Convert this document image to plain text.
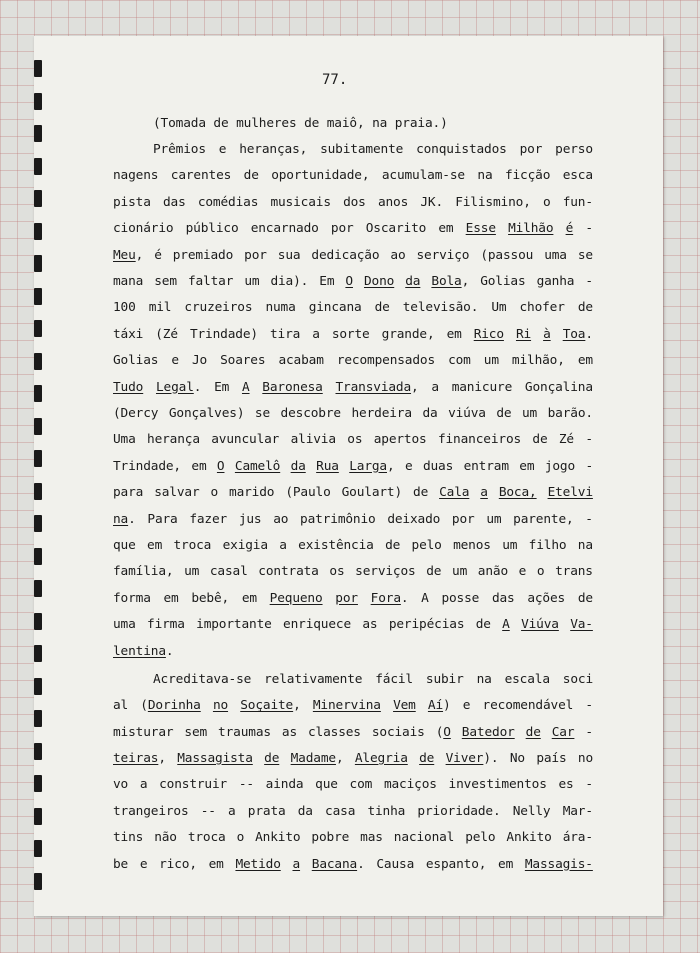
77.
(Tomada de mulheres de maiô, na praia.)
Prêmios e heranças, subitamente conquistados por perso
nagens carentes de oportunidade, acumulam-se na ficção esca
pista das comédias musicais dos anos JK. Filismino, o fun-
cionário público encarnado por Oscarito em Esse Milhão é -
Meu, é premiado por sua dedicação ao serviço (passou uma se
mana sem faltar um dia). Em O Dono da Bola, Golias ganha -
100 mil cruzeiros numa gincana de televisão. Um chofer de
táxi (Zé Trindade) tira a sorte grande, em Rico Ri à Toa.
Golias e Jo Soares acabam recompensados com um milhão, em
Tudo Legal. Em A Baronesa Transviada, a manicure Gonçalina
(Dercy Gonçalves) se descobre herdeira da viúva de um barão.
Uma herança avuncular alivia os apertos financeiros de Zé -
Trindade, em O Camelô da Rua Larga, e duas entram em jogo -
para salvar o marido (Paulo Goulart) de Cala a Boca, Etelvi
na. Para fazer jus ao patrimônio deixado por um parente, -
que em troca exigia a existência de pelo menos um filho na
família, um casal contrata os serviços de um anão e o trans
forma em bebê, em Pequeno por Fora. A posse das ações de
uma firma importante enriquece as peripécias de A Viúva Va-
lentina .
Acreditava-se relativamente fácil subir na escala soci
al (Dorinha no Soçaite, Minervina Vem Aí) e recomendável -
misturar sem traumas as classes sociais (O Batedor de Car -
teiras, Massagista de Madame, Alegria de Viver). No país no
vo a construir -- ainda que com maciços investimentos es -
trangeiros -- a prata da casa tinha prioridade. Nelly Mar-
tins não troca o Ankito pobre mas nacional pelo Ankito ára-
be e rico, em Metido a Bacana. Causa espanto, em Massagis-
